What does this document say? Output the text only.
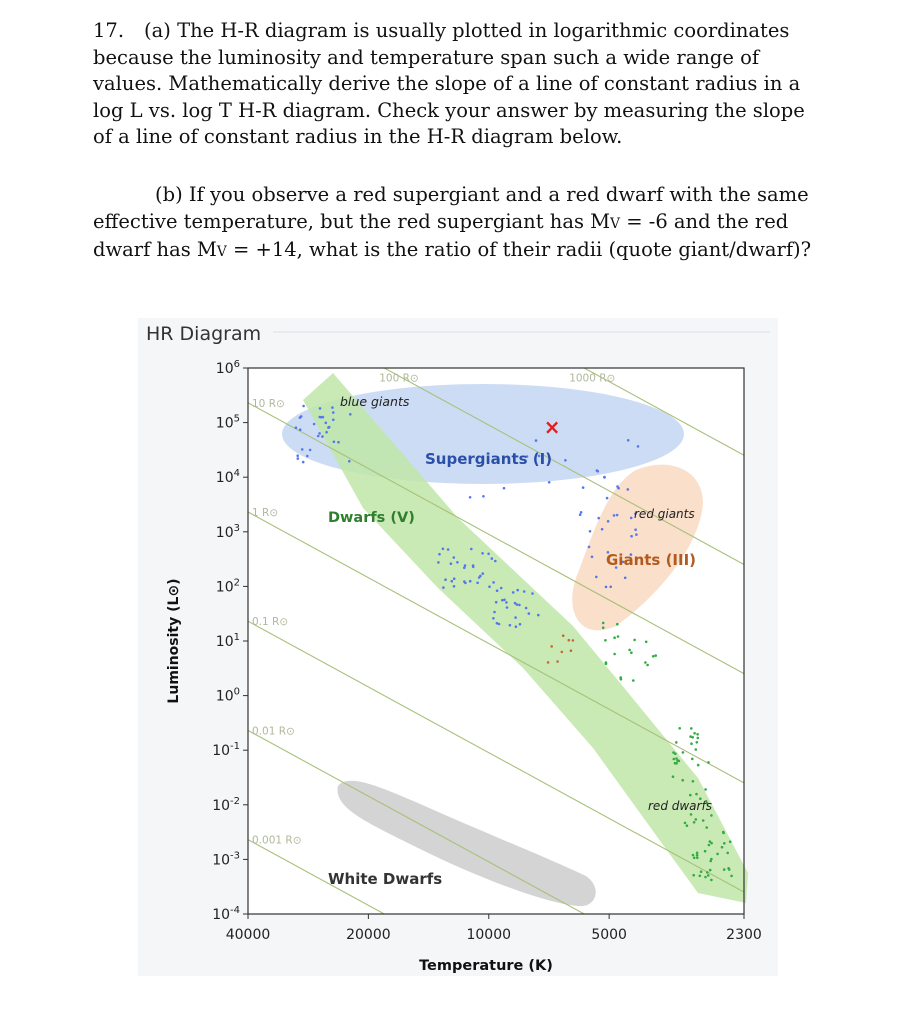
17. (a) The H-R diagram is usually plotted in logarithmic coordinates

because the luminosity and temperature span such a wide range of

values. Mathematically derive the slope of a line of constant radius in a

log L vs. log T H-R diagram. Check your answer by measuring the slope

of a line of constant radius in the H-R diagram below.

(b) If you observe a red supergiant and a red dwarf with the same

effective temperature, but the red supergiant has MV = -6 and the red

dwarf has MV = +14, what is the ratio of their radii (quote giant/dwarf)?

1000 R⊙
100 R⊙
10 R⊙
1 R⊙
0.1 R⊙
0.01 R⊙
0.001 R⊙
×
blue giants
Supergiants (I)
Dwarfs (V)	red giants
Giants (III)
red dwarfs
White Dwarfs
HR Diagram
$10^6$
$10^5$
$10^4$
$10^3$
$10^2$
$10^1$
$10^0$
$10^{-1}$
$10^{-2}$
$10^{-3}$
$10^{-4}$
Luminosity (L⊙)
40000	20000	10000	5000	2300
Temperature (K)
